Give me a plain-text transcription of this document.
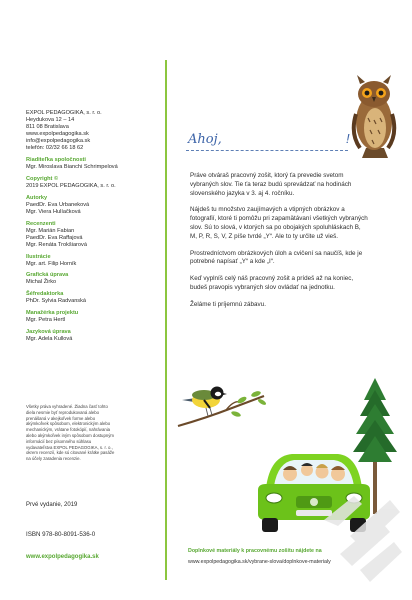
EXPOL PEDAGOGIKA, s. r. o.
Heydukova 12 – 14
811 08 Bratislava
www.expolpedagogika.sk
info@expolpedagogika.sk
telefón: 02/32 66 18 62
Riaditeľka spoločnosti
Mgr. Miroslava Bianchi Schrimpelová
Copyright ©
2019 EXPOL PEDAGOGIKA, s. r. o.
Autorky
PaedDr. Eva Urbaneková
Mgr. Viera Hulíačková
Recenzenti
Mgr. Marián Fabian
PaedDr. Eva Raffajová
Mgr. Renáta Trokšiarová
Ilustrácie
Mgr. art. Filip Horník
Grafická úprava
Michal Žirko
Šéfredaktorka
PhDr. Sylvia Radvanská
Manažérka projektu
Mgr. Petra Hertl
Jazyková úprava
Mgr. Adela Kullová
Všetky práva vyhradené. Žiadna časť tohto diela nesmie byť reprodukovaná alebo prenášaná v akejkoľvek forme alebo akýmkoľvek spôsobom, elektronickým alebo mechanickým, vrátane fotokópií, nahrávania alebo akýmkoľvek iným spôsobom dostupným informácií bez písomného súhlasu vydavateľstva EXPOL PEDAGOGIKA, s. r. o., okrem recenzií, kde sú citované krátke pasáže na účely zaradenia recenzie.
Prvé vydanie, 2019
ISBN 978-80-8091-536-0
www.expolpedagogika.sk
Ahoj,	!

Práve otváraš pracovný zošit, ktorý ťa prevedie svetom vybraných slov. Tie ťa teraz budú sprevádzať na hodinách slovenského jazyka v 3. aj 4. ročníku.

Nájdeš tu množstvo zaujímavých a vtipných obrázkov a fotografií, ktoré ti pomôžu pri zapamätávaní všetkých vybraných slov. Sú to slová, v ktorých sa po obojakých spoluhláskach B, M, P, R, S, V, Z píše tvrdé „Y“. Ale to ty určite už vieš.

Prostredníctvom obrázkových úloh a cvičení sa naučíš, kde je potrebné napísať „Y“ a kde „I“.

Keď vyplníš celý náš pracovný zošit a prídeš až na koniec, budeš pravopis vybraných slov ovládať na jednotku.

Želáme ti príjemnú zábavu.

Doplnkové materiály k pracovnému zošitu nájdete na
www.expolpedagogika.sk/vybrane-slova/doplnkove-materialy
